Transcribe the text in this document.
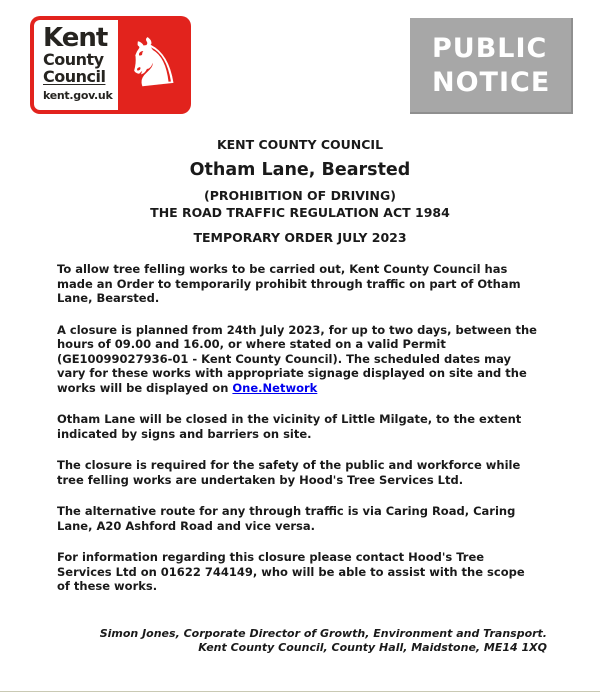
Kent
County
Council
kent.gov.uk ♞	PUBLIC
NOTICE
KENT COUNTY COUNCIL
Otham Lane, Bearsted
(PROHIBITION OF DRIVING)
THE ROAD TRAFFIC REGULATION ACT 1984
TEMPORARY ORDER JULY 2023

To allow tree felling works to be carried out, Kent County Council has made an Order to temporarily prohibit through traffic on part of Otham Lane, Bearsted.

A closure is planned from 24th July 2023, for up to two days, between the hours of 09.00 and 16.00, or where stated on a valid Permit (GE10099027936-01 - Kent County Council). The scheduled dates may vary for these works with appropriate signage displayed on site and the works will be displayed on One.Network

Otham Lane will be closed in the vicinity of Little Milgate, to the extent indicated by signs and barriers on site.

The closure is required for the safety of the public and workforce while tree felling works are undertaken by Hood's Tree Services Ltd.

The alternative route for any through traffic is via Caring Road, Caring Lane, A20 Ashford Road and vice versa.

For information regarding this closure please contact Hood's Tree Services Ltd on 01622 744149, who will be able to assist with the scope of these works.

Simon Jones, Corporate Director of Growth, Environment and Transport.
Kent County Council, County Hall, Maidstone, ME14 1XQ
